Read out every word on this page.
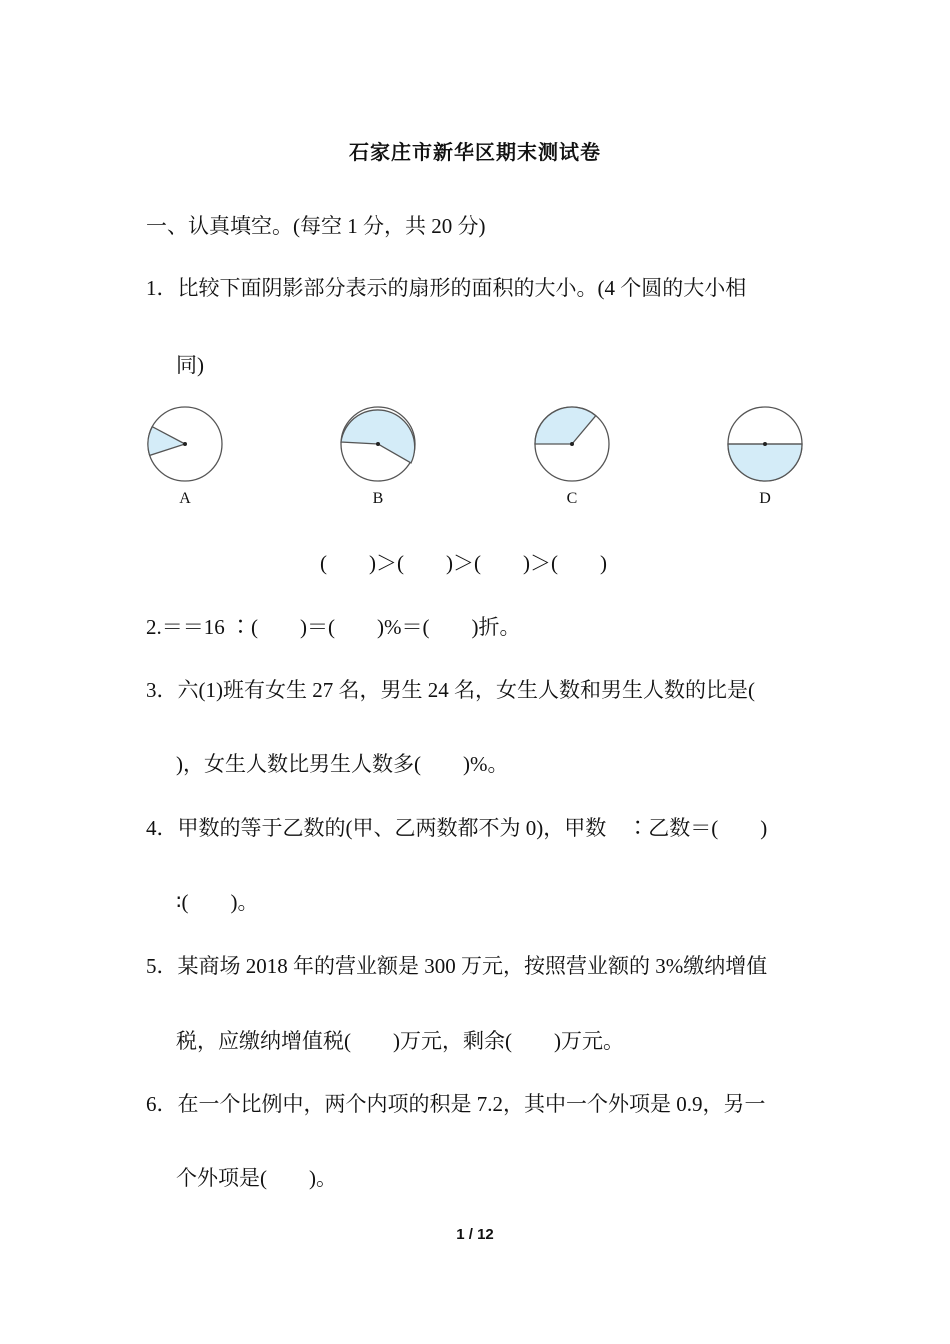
石家庄市新华区期末测试卷
一、认真填空。(每空 1 分，共 20 分)
1．比较下面阴影部分表示的扇形的面积的大小。(4 个圆的大小相
同)
A	B	C	D
(　　)＞(　　)＞(　　)＞(　　)
2.＝＝16 ∶(　　)＝(　　)%＝(　　)折。
3．六(1)班有女生 27 名，男生 24 名，女生人数和男生人数的比是(
)，女生人数比男生人数多(　　)%。
4．甲数的等于乙数的(甲、乙两数都不为 0)，甲数　∶乙数＝(　　)
∶(　　)。
5．某商场 2018 年的营业额是 300 万元，按照营业额的 3%缴纳增值
税，应缴纳增值税(　　)万元，剩余(　　)万元。
6．在一个比例中，两个内项的积是 7.2，其中一个外项是 0.9，另一
个外项是(　　)。
1 / 12
